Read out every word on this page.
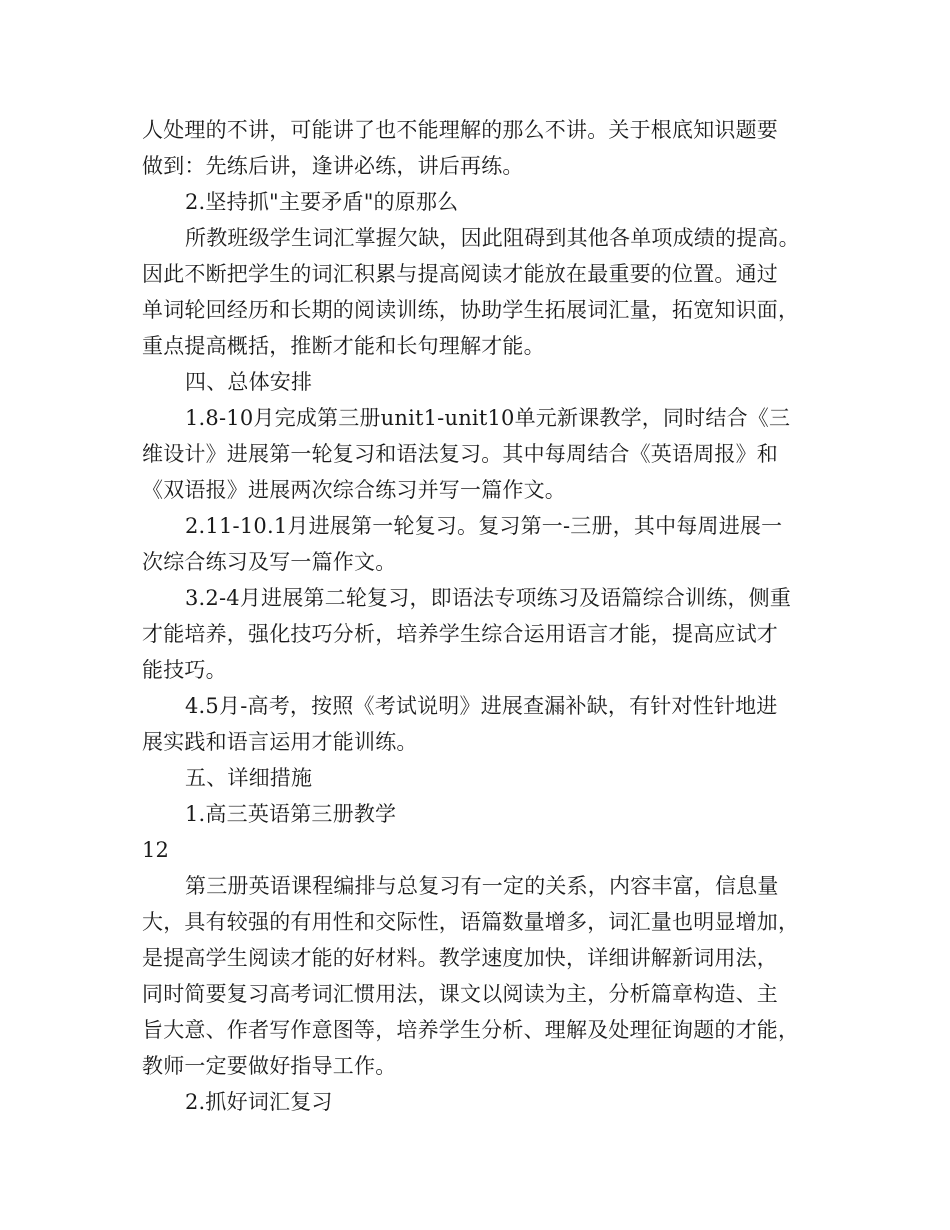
人处理的不讲，可能讲了也不能理解的那么不讲。关于根底知识题要
做到：先练后讲，逢讲必练，讲后再练。
2.坚持抓"主要矛盾"的原那么
所教班级学生词汇掌握欠缺，因此阻碍到其他各单项成绩的提高。
因此不断把学生的词汇积累与提高阅读才能放在最重要的位置。通过
单词轮回经历和长期的阅读训练，协助学生拓展词汇量，拓宽知识面，
重点提高概括，推断才能和长句理解才能。
四、总体安排
1.8-10月完成第三册unit1-unit10单元新课教学，同时结合《三
维设计》进展第一轮复习和语法复习。其中每周结合《英语周报》和
《双语报》进展两次综合练习并写一篇作文。
2.11-10.1月进展第一轮复习。复习第一-三册，其中每周进展一
次综合练习及写一篇作文。
3.2-4月进展第二轮复习，即语法专项练习及语篇综合训练，侧重
才能培养，强化技巧分析，培养学生综合运用语言才能，提高应试才
能技巧。
4.5月-高考，按照《考试说明》进展查漏补缺，有针对性针地进
展实践和语言运用才能训练。
五、详细措施
1.高三英语第三册教学
12
第三册英语课程编排与总复习有一定的关系，内容丰富，信息量
大，具有较强的有用性和交际性，语篇数量增多，词汇量也明显增加，
是提高学生阅读才能的好材料。教学速度加快，详细讲解新词用法，
同时简要复习高考词汇惯用法，课文以阅读为主，分析篇章构造、主
旨大意、作者写作意图等，培养学生分析、理解及处理征询题的才能，
教师一定要做好指导工作。
2.抓好词汇复习
